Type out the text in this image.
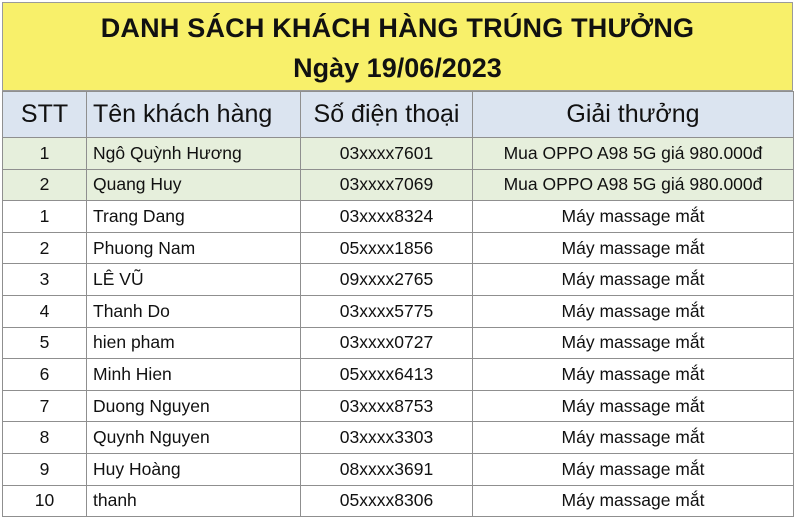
DANH SÁCH KHÁCH HÀNG TRÚNG THƯỞNG
Ngày 19/06/2023
STT	Tên khách hàng	Số điện thoại	Giải thưởng
1	Ngô Quỳnh Hương	03xxxx7601	Mua OPPO A98 5G giá 980.000đ
2	Quang Huy	03xxxx7069	Mua OPPO A98 5G giá 980.000đ
1	Trang Dang	03xxxx8324	Máy massage mắt
2	Phuong Nam	05xxxx1856	Máy massage mắt
3	LÊ VŨ	09xxxx2765	Máy massage mắt
4	Thanh Do	03xxxx5775	Máy massage mắt
5	hien pham	03xxxx0727	Máy massage mắt
6	Minh Hien	05xxxx6413	Máy massage mắt
7	Duong Nguyen	03xxxx8753	Máy massage mắt
8	Quynh Nguyen	03xxxx3303	Máy massage mắt
9	Huy Hoàng	08xxxx3691	Máy massage mắt
10	thanh	05xxxx8306	Máy massage mắt
